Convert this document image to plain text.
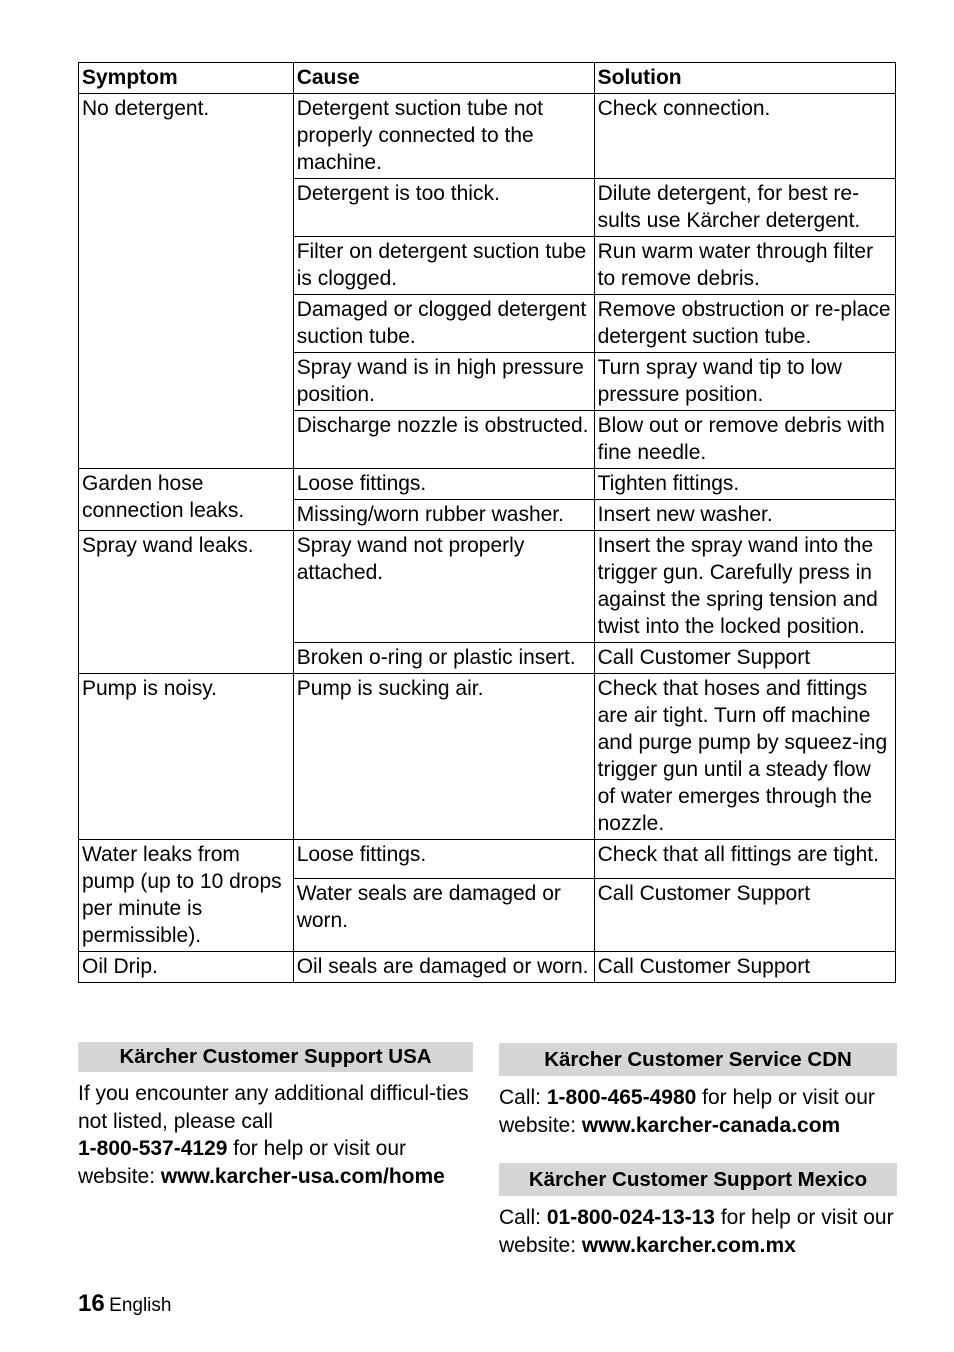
Symptom	Cause	Solution
No detergent.	Detergent suction tube not properly connected to the machine.	Check connection.
	Detergent is too thick.	Dilute detergent, for best re-sults use Kärcher detergent.
	Filter on detergent suction tube is clogged.	Run warm water through filter to remove debris.
	Damaged or clogged detergent suction tube.	Remove obstruction or re-place detergent suction tube.
	Spray wand is in high pressure position.	Turn spray wand tip to low pressure position.
	Discharge nozzle is obstructed.	Blow out or remove debris with fine needle.
Garden hose connection leaks.	Loose fittings.	Tighten fittings.
	Missing/worn rubber washer.	Insert new washer.
Spray wand leaks.	Spray wand not properly attached.	Insert the spray wand into the trigger gun. Carefully press in against the spring tension and twist into the locked position.
	Broken o-ring or plastic insert.	Call Customer Support
Pump is noisy.	Pump is sucking air.	Check that hoses and fittings are air tight. Turn off machine and purge pump by squeez-ing trigger gun until a steady flow of water emerges through the nozzle.
Water leaks from pump (up to 10 drops per minute is permissible).	Loose fittings.	Check that all fittings are tight.
	Water seals are damaged or worn.	Call Customer Support
Oil Drip.	Oil seals are damaged or worn.	Call Customer Support
Kärcher Customer Support USA
If you encounter any additional difficul-ties not listed, please call
1-800-537-4129 for help or visit our website: www.karcher-usa.com/home
Kärcher Customer Service CDN
Call: 1-800-465-4980 for help or visit our website: www.karcher-canada.com
Kärcher Customer Support Mexico
Call: 01-800-024-13-13 for help or visit our website: www.karcher.com.mx
16 English
